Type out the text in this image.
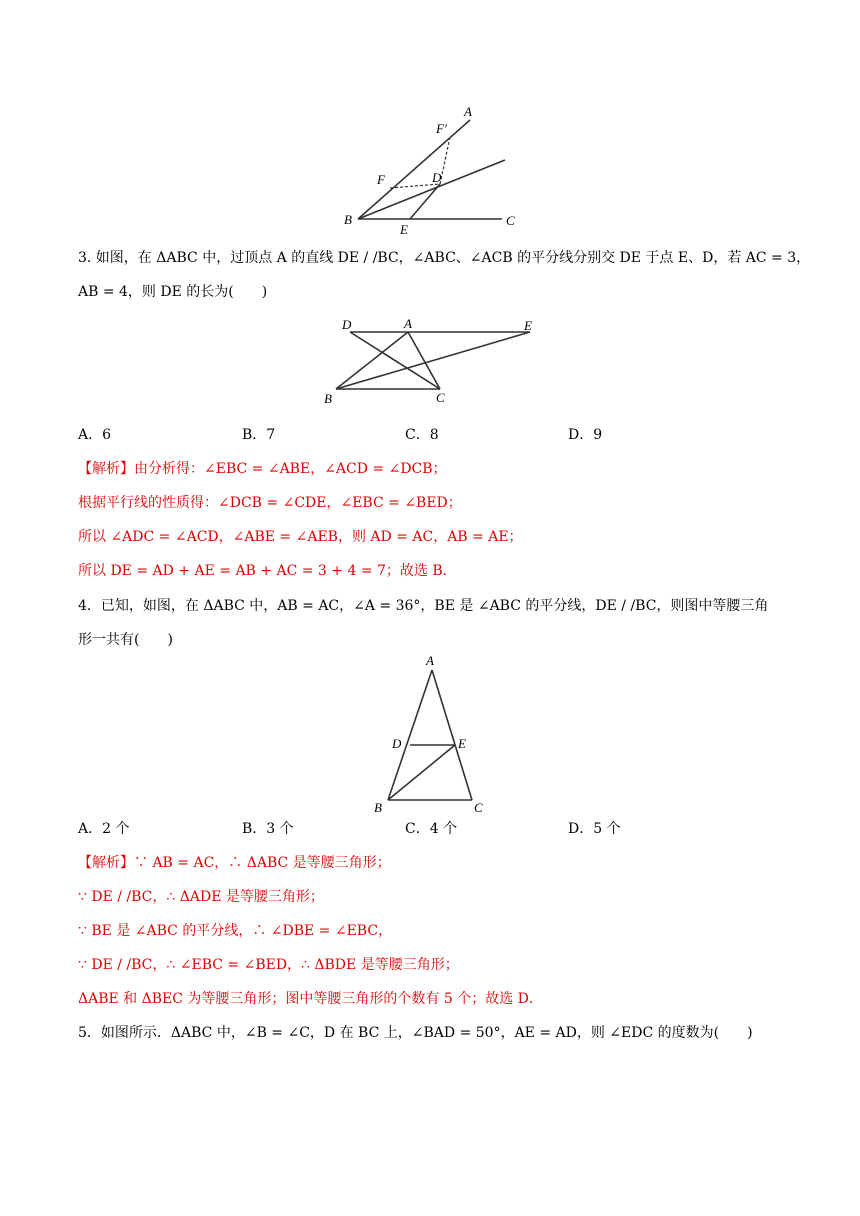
A
F′
F	D
B
E
C
3. 如图，在 ΔABC 中，过顶点 A 的直线 DE / /BC，∠ABC、∠ACB 的平分线分别交 DE 于点 E、D，若 AC = 3，
AB = 4，则 DE 的长为(　　)
D	A	E
B	C
A．6	B．7	C．8	D．9
【解析】由分析得：∠EBC = ∠ABE，∠ACD = ∠DCB；
根据平行线的性质得：∠DCB = ∠CDE，∠EBC = ∠BED；
所以 ∠ADC = ∠ACD，∠ABE = ∠AEB，则 AD = AC，AB = AE；
所以 DE = AD + AE = AB + AC = 3 + 4 = 7；故选 B．
4．已知，如图，在 ΔABC 中，AB = AC，∠A = 36°，BE 是 ∠ABC 的平分线，DE / /BC，则图中等腰三角
形一共有(　　)
A
D	E
B	C
A．2 个	B．3 个	C．4 个	D．5 个
【解析】∵ AB = AC，∴ ΔABC 是等腰三角形；
∵ DE / /BC，∴ ΔADE 是等腰三角形；
∵ BE 是 ∠ABC 的平分线，∴ ∠DBE = ∠EBC，
∵ DE / /BC，∴ ∠EBC = ∠BED，∴ ΔBDE 是等腰三角形；
ΔABE 和 ΔBEC 为等腰三角形；图中等腰三角形的个数有 5 个；故选 D．
5．如图所示．ΔABC 中，∠B = ∠C，D 在 BC 上，∠BAD = 50°，AE = AD，则 ∠EDC 的度数为(　　)
